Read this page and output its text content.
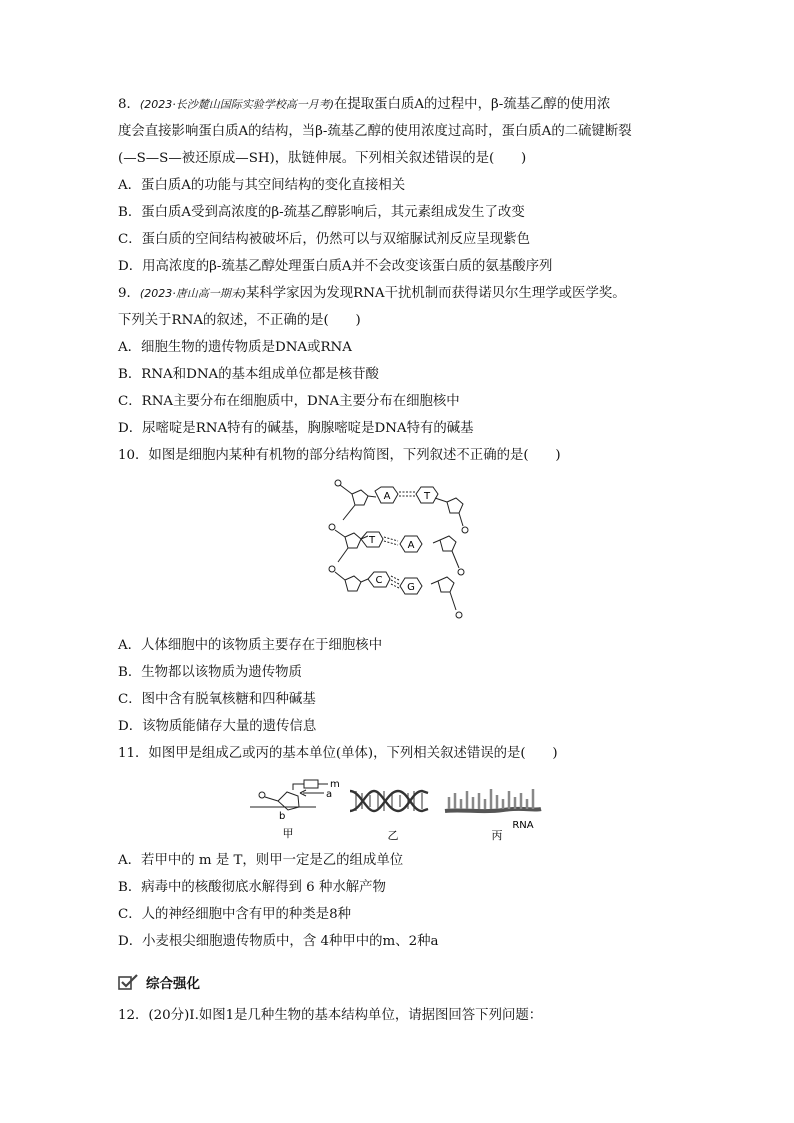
8．(2023·长沙麓山国际实验学校高一月考)在提取蛋白质A的过程中，β-巯基乙醇的使用浓
度会直接影响蛋白质A的结构，当β-巯基乙醇的使用浓度过高时，蛋白质A的二硫键断裂
(—S—S—被还原成—SH)，肽链伸展。下列相关叙述错误的是(　　)
A．蛋白质A的功能与其空间结构的变化直接相关
B．蛋白质A受到高浓度的β-巯基乙醇影响后，其元素组成发生了改变
C．蛋白质的空间结构被破坏后，仍然可以与双缩脲试剂反应呈现紫色
D．用高浓度的β-巯基乙醇处理蛋白质A并不会改变该蛋白质的氨基酸序列
9．(2023·唐山高一期末)某科学家因为发现RNA干扰机制而获得诺贝尔生理学或医学奖。
下列关于RNA的叙述，不正确的是(　　)
A．细胞生物的遗传物质是DNA或RNA
B．RNA和DNA的基本组成单位都是核苷酸
C．RNA主要分布在细胞质中，DNA主要分布在细胞核中
D．尿嘧啶是RNA特有的碱基，胸腺嘧啶是DNA特有的碱基
10．如图是细胞内某种有机物的部分结构简图，下列叙述不正确的是(　　)
A	T
T	A
C
G
A．人体细胞中的该物质主要存在于细胞核中
B．生物都以该物质为遗传物质
C．图中含有脱氧核糖和四种碱基
D．该物质能储存大量的遗传信息
11．如图甲是组成乙或丙的基本单位(单体)，下列相关叙述错误的是(　　)
m
a
b
甲	乙
RNA
丙
A．若甲中的 m 是 T，则甲一定是乙的组成单位
B．病毒中的核酸彻底水解得到 6 种水解产物
C．人的神经细胞中含有甲的种类是8种
D．小麦根尖细胞遗传物质中，含 4种甲中的m、2种a
综合强化
12．(20分)Ⅰ.如图1是几种生物的基本结构单位，请据图回答下列问题：
